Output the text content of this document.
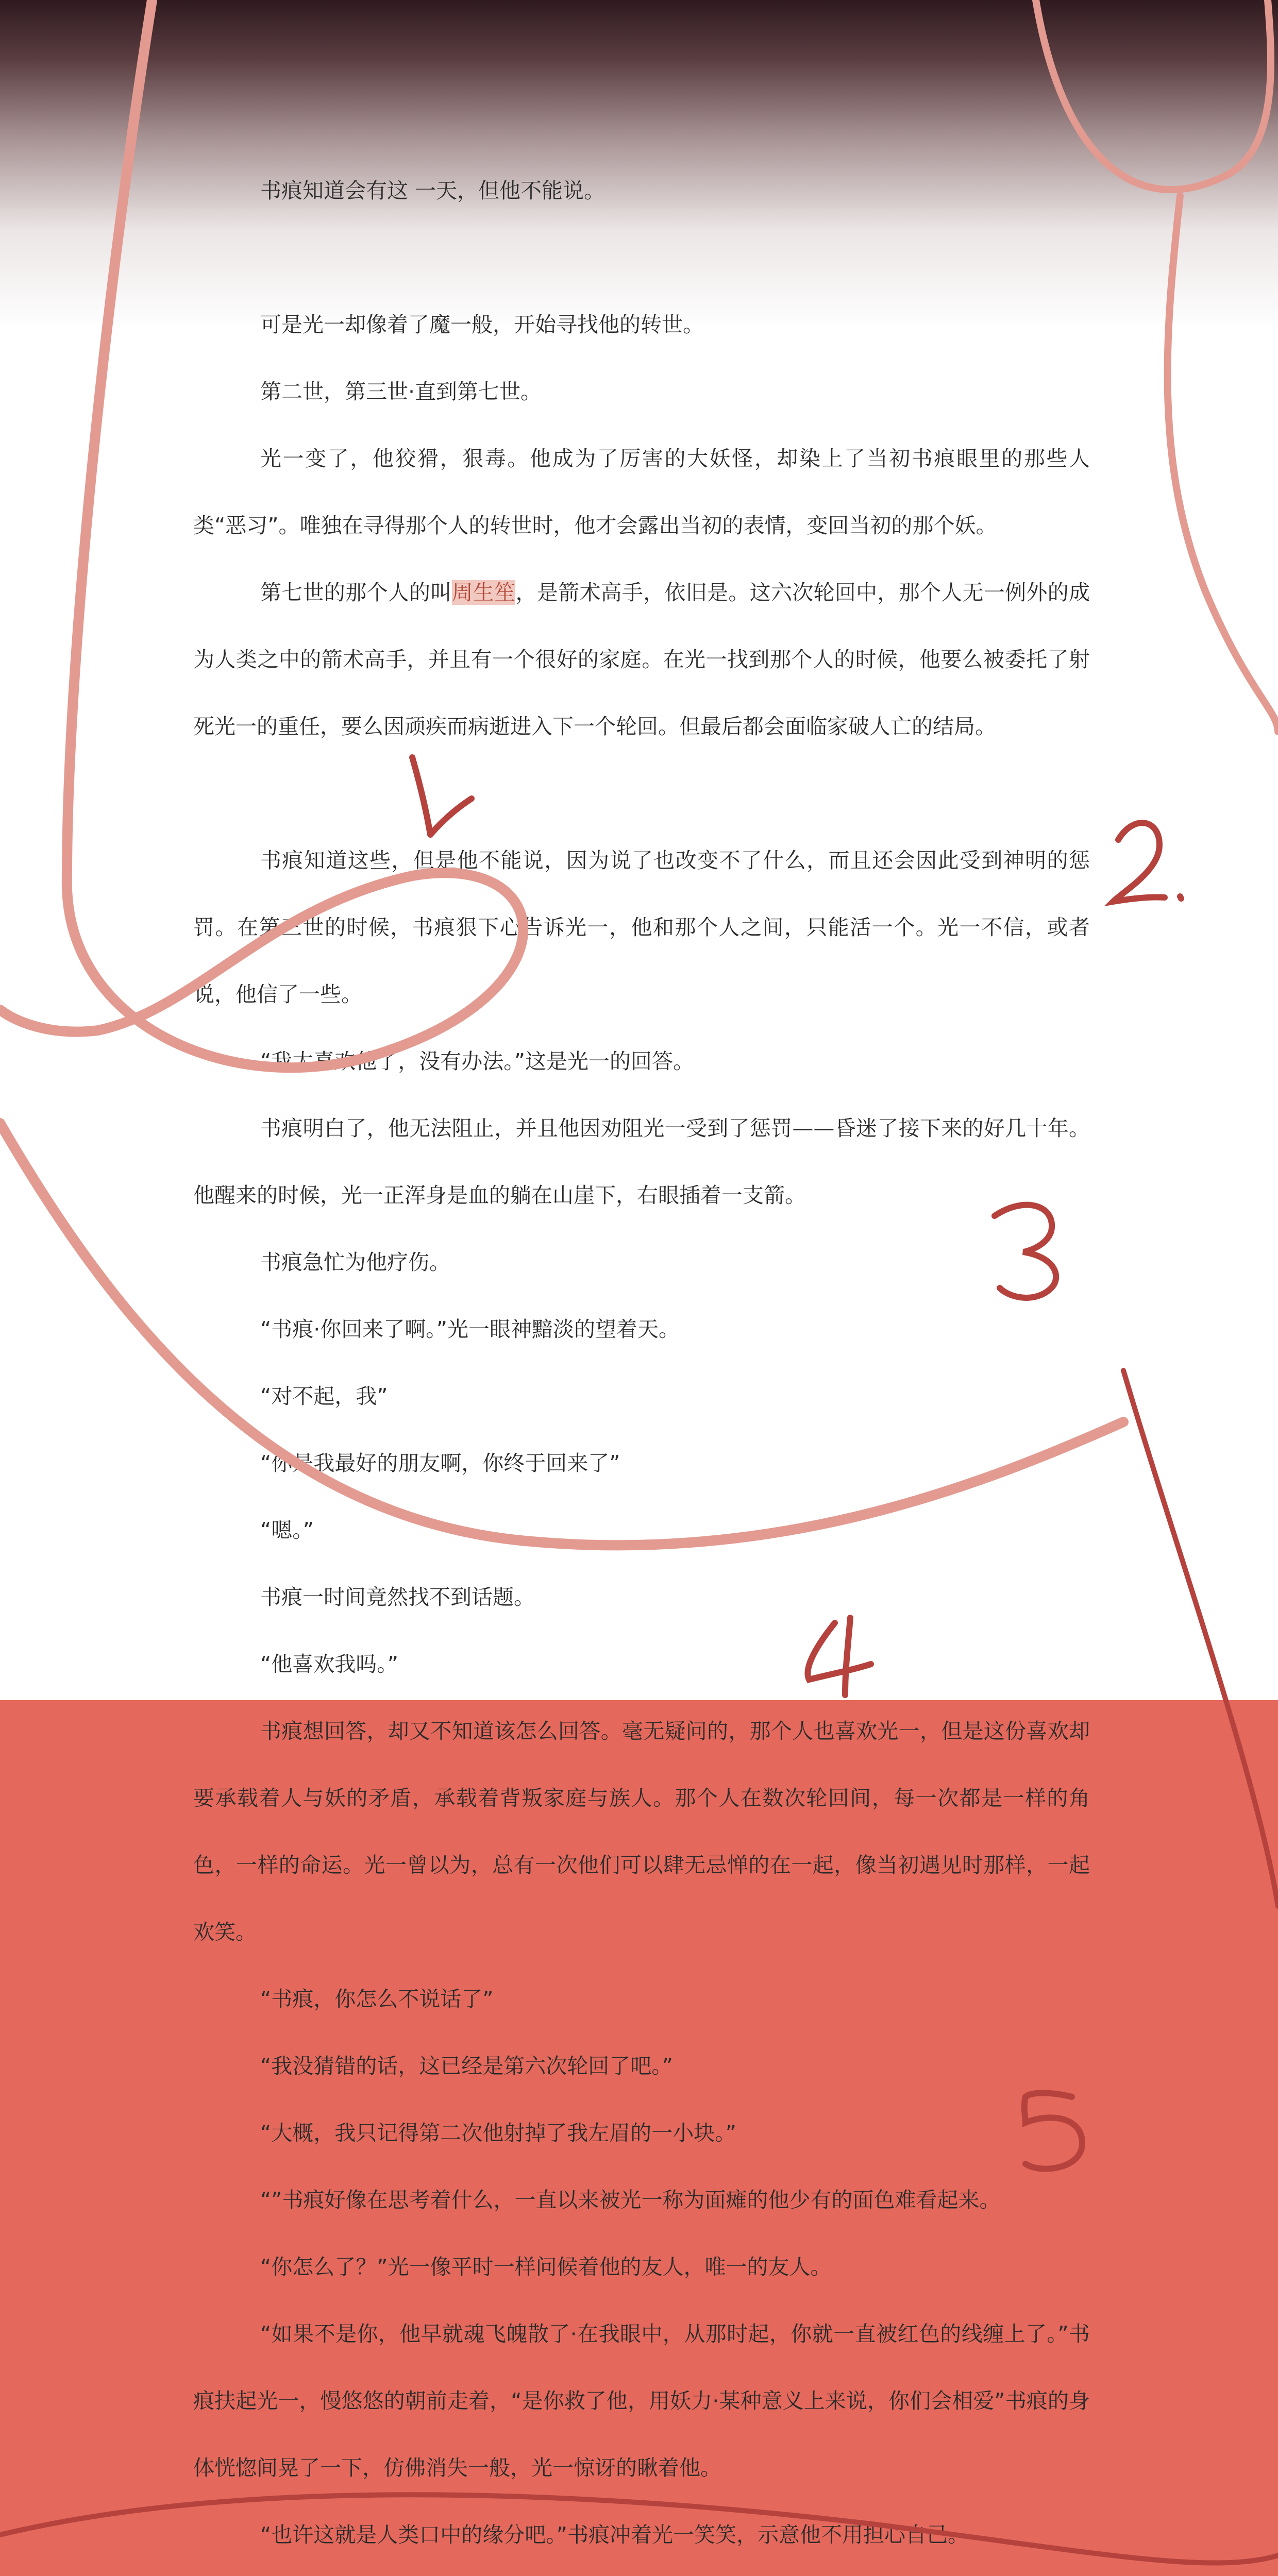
书痕知道会有这 一天，但他不能说。

可是光一却像着了魔一般，开始寻找他的转世。

第二世，第三世·直到第七世。

光一变了，他狡猾，狠毒。他成为了厉害的大妖怪，却染上了当初书痕眼里的那些人类“恶习”。唯独在寻得那个人的转世时，他才会露出当初的表情，变回当初的那个妖。

第七世的那个人的叫周生笙，是箭术高手，依旧是。这六次轮回中，那个人无一例外的成为人类之中的箭术高手，并且有一个很好的家庭。在光一找到那个人的时候，他要么被委托了射死光一的重任，要么因顽疾而病逝进入下一个轮回。但最后都会面临家破人亡的结局。

书痕知道这些，但是他不能说，因为说了也改变不了什么，而且还会因此受到神明的惩罚。在第三世的时候，书痕狠下心告诉光一，他和那个人之间，只能活一个。光一不信，或者说，他信了一些。

“我太喜欢他了，没有办法。”这是光一的回答。

书痕明白了，他无法阻止，并且他因劝阻光一受到了惩罚——昏迷了接下来的好几十年。他醒来的时候，光一正浑身是血的躺在山崖下，右眼插着一支箭。

书痕急忙为他疗伤。

“书痕·你回来了啊。”光一眼神黯淡的望着天。

“对不起，我”

“你是我最好的朋友啊，你终于回来了”

“嗯。”

书痕一时间竟然找不到话题。

“他喜欢我吗。”

书痕想回答，却又不知道该怎么回答。毫无疑问的，那个人也喜欢光一，但是这份喜欢却要承载着人与妖的矛盾，承载着背叛家庭与族人。那个人在数次轮回间，每一次都是一样的角色，一样的命运。光一曾以为，总有一次他们可以肆无忌惮的在一起，像当初遇见时那样，一起欢笑。

“书痕，你怎么不说话了”

“我没猜错的话，这已经是第六次轮回了吧。”

“大概，我只记得第二次他射掉了我左眉的一小块。”

“”书痕好像在思考着什么，一直以来被光一称为面瘫的他少有的面色难看起来。

“你怎么了？”光一像平时一样问候着他的友人，唯一的友人。

“如果不是你，他早就魂飞魄散了·在我眼中，从那时起，你就一直被红色的线缠上了。”书痕扶起光一，慢悠悠的朝前走着，“是你救了他，用妖力·某种意义上来说，你们会相爱”书痕的身体恍惚间晃了一下，仿佛消失一般，光一惊讶的瞅着他。

“也许这就是人类口中的缘分吧。”书痕冲着光一笑笑，示意他不用担心自己。
